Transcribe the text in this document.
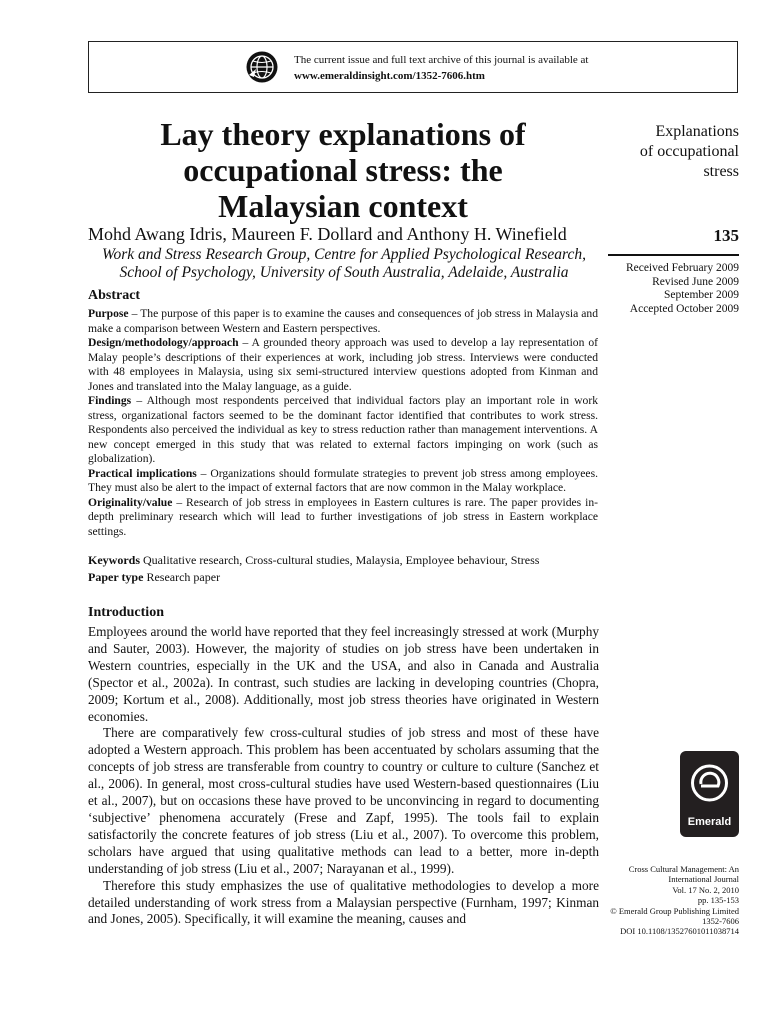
The current issue and full text archive of this journal is available at
www.emeraldinsight.com/1352-7606.htm
Lay theory explanations of
occupational stress: the
Malaysian context
Mohd Awang Idris, Maureen F. Dollard and Anthony H. Winefield
Work and Stress Research Group, Centre for Applied Psychological Research,
School of Psychology, University of South Australia, Adelaide, Australia
Abstract

Purpose – The purpose of this paper is to examine the causes and consequences of job stress in Malaysia and make a comparison between Western and Eastern perspectives.

Design/methodology/approach – A grounded theory approach was used to develop a lay representation of Malay people’s descriptions of their experiences at work, including job stress. Interviews were conducted with 48 employees in Malaysia, using six semi-structured interview questions adopted from Kinman and Jones and translated into the Malay language, as a guide.

Findings – Although most respondents perceived that individual factors play an important role in work stress, organizational factors seemed to be the dominant factor identified that contributes to work stress. Respondents also perceived the individual as key to stress reduction rather than management interventions. A new concept emerged in this study that was related to external factors impinging on work (such as globalization).

Practical implications – Organizations should formulate strategies to prevent job stress among employees. They must also be alert to the impact of external factors that are now common in the Malay workplace.

Originality/value – Research of job stress in employees in Eastern cultures is rare. The paper provides in-depth preliminary research which will lead to further investigations of job stress in Eastern workplace settings.

Keywords Qualitative research, Cross-cultural studies, Malaysia, Employee behaviour, Stress
Paper type Research paper
Introduction

Employees around the world have reported that they feel increasingly stressed at work (Murphy and Sauter, 2003). However, the majority of studies on job stress have been undertaken in Western countries, especially in the UK and the USA, and also in Canada and Australia (Spector et al., 2002a). In contrast, such studies are lacking in developing countries (Chopra, 2009; Kortum et al., 2008). Additionally, most job stress theories have originated in Western economies.

There are comparatively few cross-cultural studies of job stress and most of these have adopted a Western approach. This problem has been accentuated by scholars assuming that the concepts of job stress are transferable from country to country or culture to culture (Sanchez et al., 2006). In general, most cross-cultural studies have used Western-based questionnaires (Liu et al., 2007), but on occasions these have proved to be unconvincing in regard to documenting ‘subjective’ phenomena accurately (Frese and Zapf, 1995). The tools fail to explain satisfactorily the concrete features of job stress (Liu et al., 2007). To overcome this problem, scholars have argued that using qualitative methods can lead to a better, more in-depth understanding of job stress (Liu et al., 2007; Narayanan et al., 1999).

Therefore this study emphasizes the use of qualitative methodologies to develop a more detailed understanding of work stress from a Malaysian perspective (Furnham, 1997; Kinman and Jones, 2005). Specifically, it will examine the meaning, causes and

Explanations
of occupational
stress
135
Received February 2009
Revised June 2009
September 2009
Accepted October 2009
Emerald
Cross Cultural Management: An
International Journal
Vol. 17 No. 2, 2010
pp. 135-153
© Emerald Group Publishing Limited
1352-7606
DOI 10.1108/13527601011038714
